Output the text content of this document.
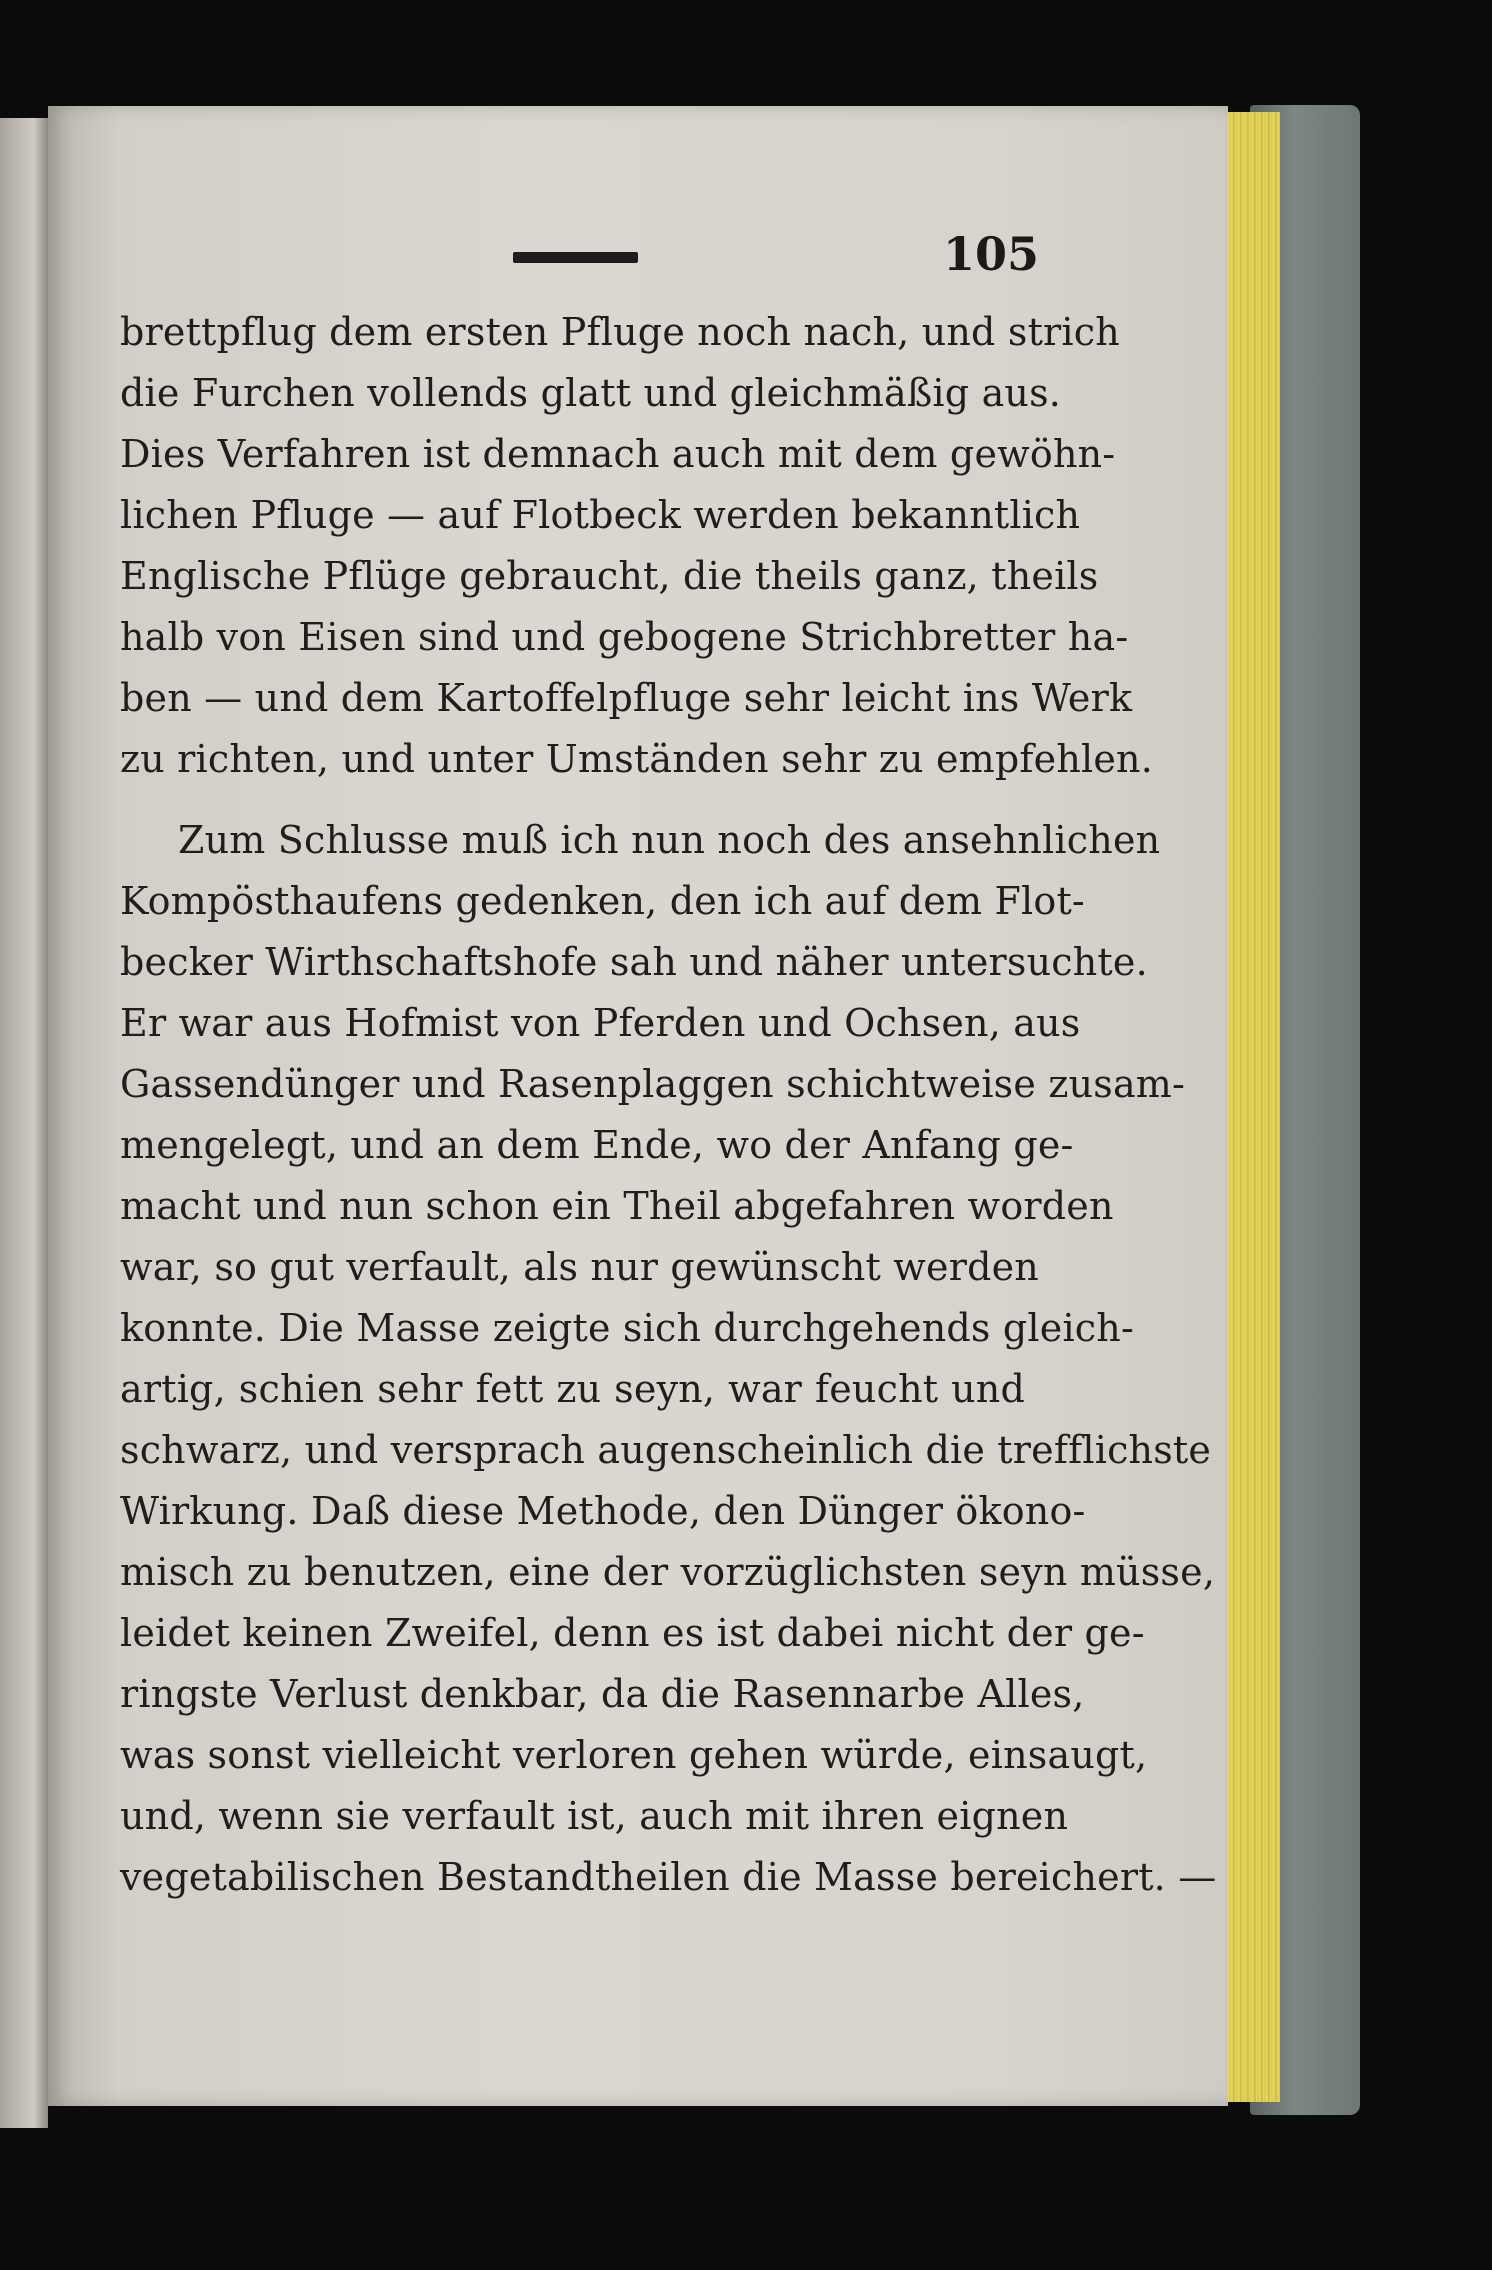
105
brettpflug dem ersten Pfluge noch nach, und strich
die Furchen vollends glatt und gleichmäßig aus.
Dies Verfahren ist demnach auch mit dem gewöhn-
lichen Pfluge — auf Flotbeck werden bekanntlich
Englische Pflüge gebraucht, die theils ganz, theils
halb von Eisen sind und gebogene Strichbretter ha-
ben — und dem Kartoffelpfluge sehr leicht ins Werk
zu richten, und unter Umständen sehr zu empfehlen.
Zum Schlusse muß ich nun noch des ansehnlichen
Kompösthaufens gedenken, den ich auf dem Flot-
becker Wirthschaftshofe sah und näher untersuchte.
Er war aus Hofmist von Pferden und Ochsen, aus
Gassendünger und Rasenplaggen schichtweise zusam-
mengelegt, und an dem Ende, wo der Anfang ge-
macht und nun schon ein Theil abgefahren worden
war, so gut verfault, als nur gewünscht werden
konnte. Die Masse zeigte sich durchgehends gleich-
artig, schien sehr fett zu seyn, war feucht und
schwarz, und versprach augenscheinlich die trefflichste
Wirkung. Daß diese Methode, den Dünger ökono-
misch zu benutzen, eine der vorzüglichsten seyn müsse,
leidet keinen Zweifel, denn es ist dabei nicht der ge-
ringste Verlust denkbar, da die Rasennarbe Alles,
was sonst vielleicht verloren gehen würde, einsaugt,
und, wenn sie verfault ist, auch mit ihren eignen
vegetabilischen Bestandtheilen die Masse bereichert. —
